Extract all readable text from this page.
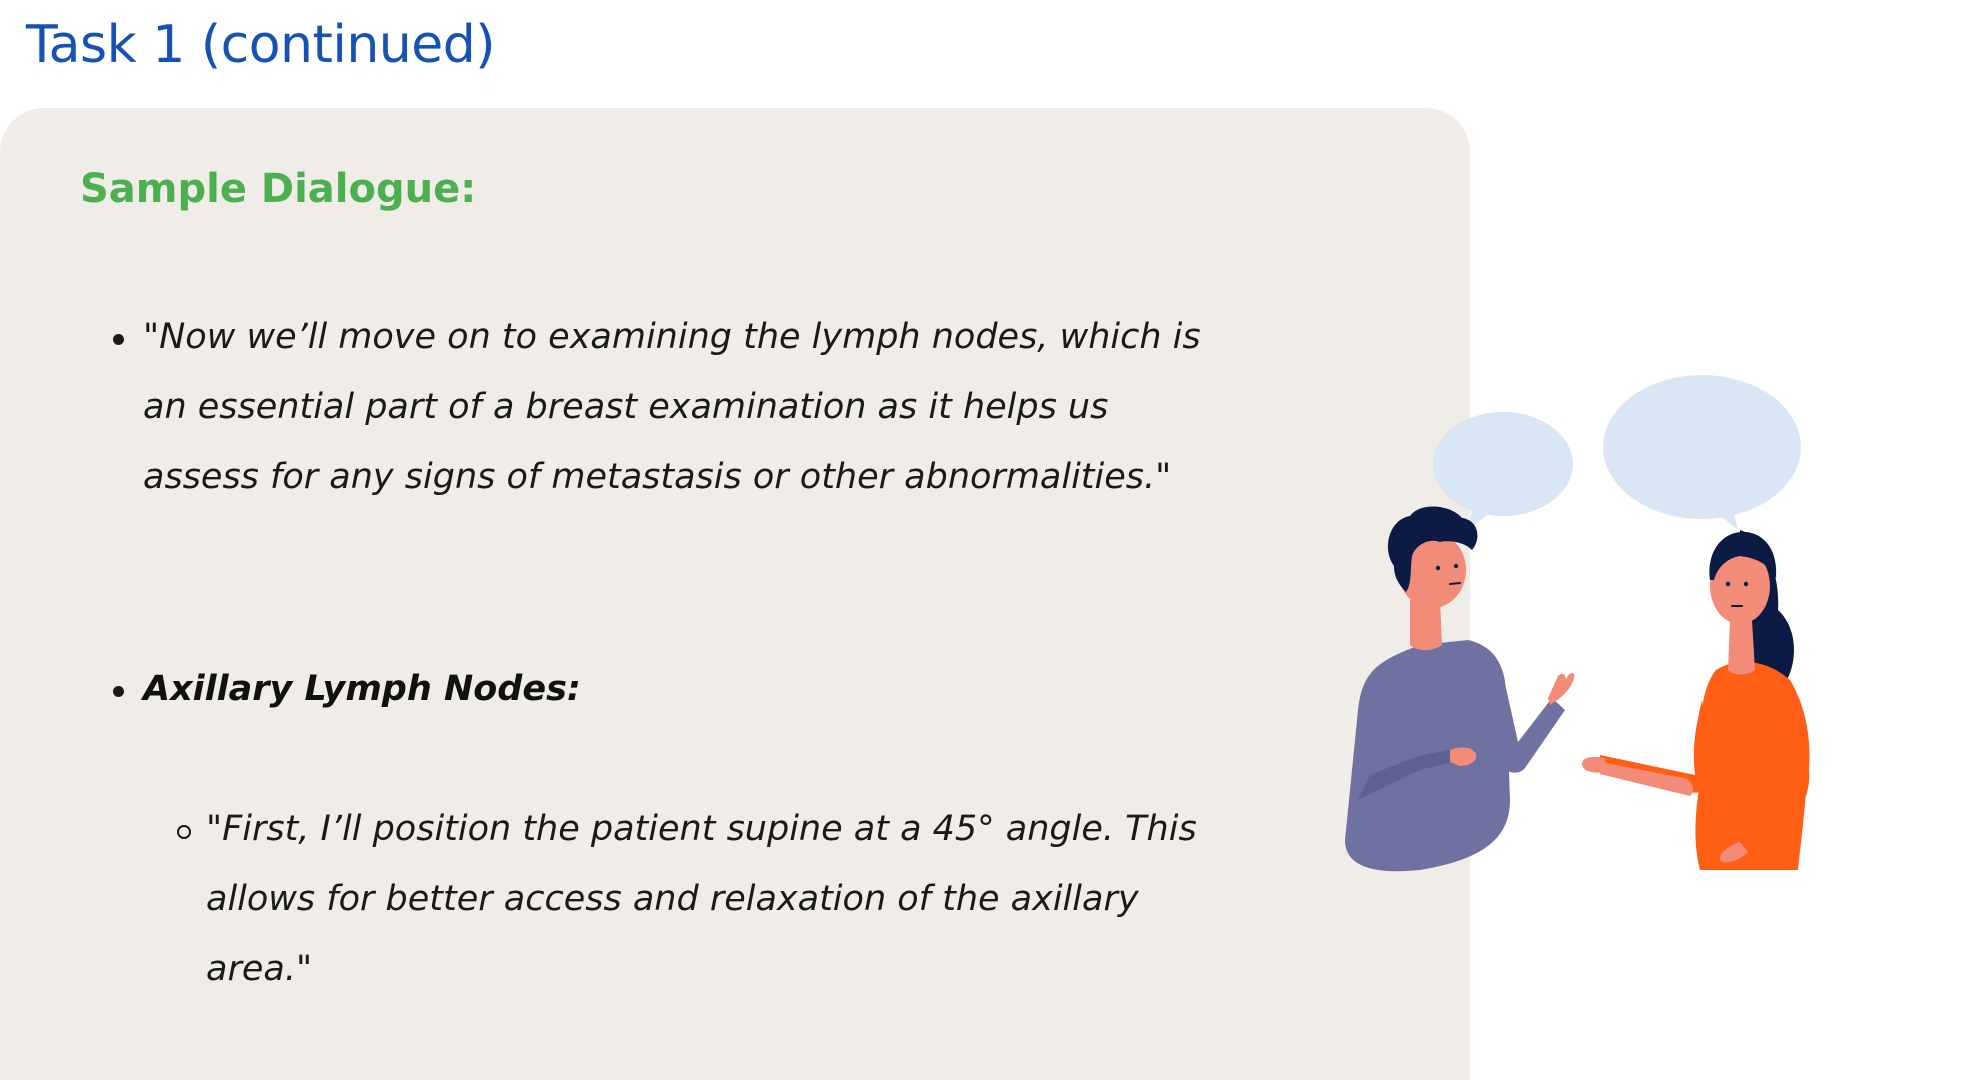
Task 1 (continued)
Sample Dialogue:
"Now we’ll move on to examining the lymph nodes, which is an essential part of a breast examination as it helps us assess for any signs of metastasis or other abnormalities."
Axillary Lymph Nodes:
"First, I’ll position the patient supine at a 45° angle. This allows for better access and relaxation of the axillary area."
